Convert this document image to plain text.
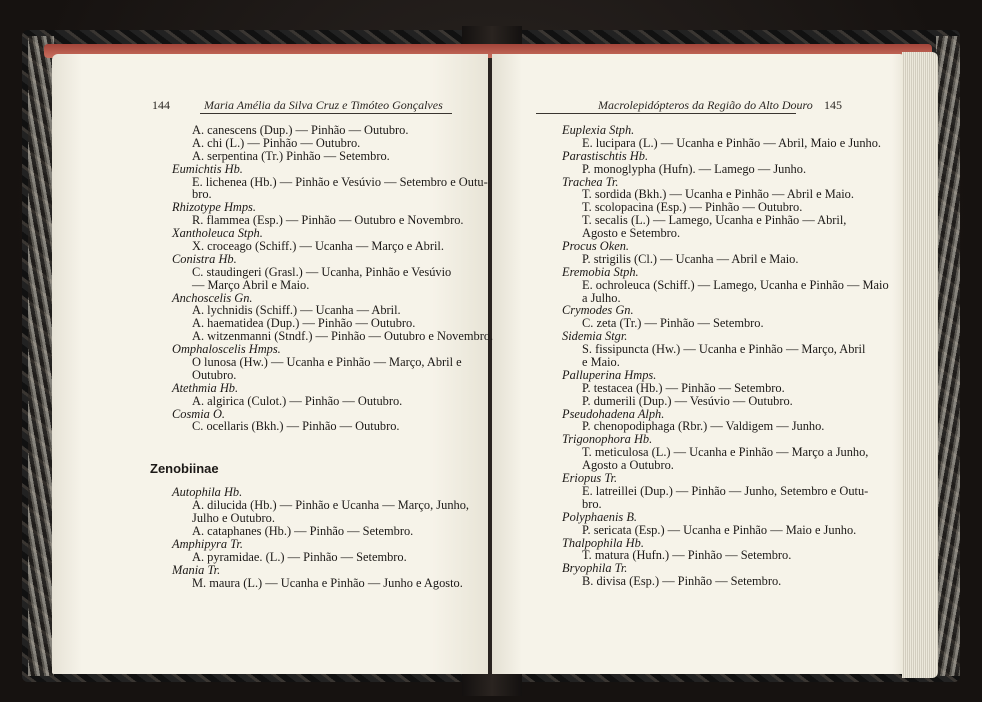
144	Maria Amélia da Silva Cruz e Timóteo Gonçalves	Macrolepidópteros da Região do Alto Douro 145
A. canescens (Dup.) — Pinhão — Outubro.
A. chi (L.) — Pinhão — Outubro.
A. serpentina (Tr.) Pinhão — Setembro.
Eumichtis Hb.
E. lichenea (Hb.) — Pinhão e Vesúvio — Setembro e Outu-
bro.
Rhizotype Hmps.
R. flammea (Esp.) — Pinhão — Outubro e Novembro.
Xantholeuca Stph.
X. croceago (Schiff.) — Ucanha — Março e Abril.
Conistra Hb.
C. staudingeri (Grasl.) — Ucanha, Pinhão e Vesúvio
— Março Abril e Maio.
Anchoscelis Gn.
A. lychnidis (Schiff.) — Ucanha — Abril.
A. haematidea (Dup.) — Pinhão — Outubro.
A. witzenmanni (Stndf.) — Pinhão — Outubro e Novembro.
Omphaloscelis Hmps.
O lunosa (Hw.) — Ucanha e Pinhão — Março, Abril e
Outubro.
Atethmia Hb.
A. algirica (Culot.) — Pinhão — Outubro.
Cosmia O.
C. ocellaris (Bkh.) — Pinhão — Outubro.
Zenobiinae
Autophila Hb.
A. dilucida (Hb.) — Pinhão e Ucanha — Março, Junho,
Julho e Outubro.
A. cataphanes (Hb.) — Pinhão — Setembro.
Amphipyra Tr.
A. pyramidae. (L.) — Pinhão — Setembro.
Mania Tr.
M. maura (L.) — Ucanha e Pinhão — Junho e Agosto.
Euplexia Stph.
E. lucipara (L.) — Ucanha e Pinhão — Abril, Maio e Junho.
Parastischtis Hb.
P. monoglypha (Hufn). — Lamego — Junho.
Trachea Tr.
T. sordida (Bkh.) — Ucanha e Pinhão — Abril e Maio.
T. scolopacina (Esp.) — Pinhão — Outubro.
T. secalis (L.) — Lamego, Ucanha e Pinhão — Abril,
Agosto e Setembro.
Procus Oken.
P. strigilis (Cl.) — Ucanha — Abril e Maio.
Eremobia Stph.
E. ochroleuca (Schiff.) — Lamego, Ucanha e Pinhão — Maio
a Julho.
Crymodes Gn.
C. zeta (Tr.) — Pinhão — Setembro.
Sidemia Stgr.
S. fissipuncta (Hw.) — Ucanha e Pinhão — Março, Abril
e Maio.
Palluperina Hmps.
P. testacea (Hb.) — Pinhão — Setembro.
P. dumerili (Dup.) — Vesúvio — Outubro.
Pseudohadena Alph.
P. chenopodiphaga (Rbr.) — Valdigem — Junho.
Trigonophora Hb.
T. meticulosa (L.) — Ucanha e Pinhão — Março a Junho,
Agosto a Outubro.
Eriopus Tr.
E. latreillei (Dup.) — Pinhão — Junho, Setembro e Outu-
bro.
Polyphaenis B.
P. sericata (Esp.) — Ucanha e Pinhão — Maio e Junho.
Thalpophila Hb.
T. matura (Hufn.) — Pinhão — Setembro.
Bryophila Tr.
B. divisa (Esp.) — Pinhão — Setembro.
